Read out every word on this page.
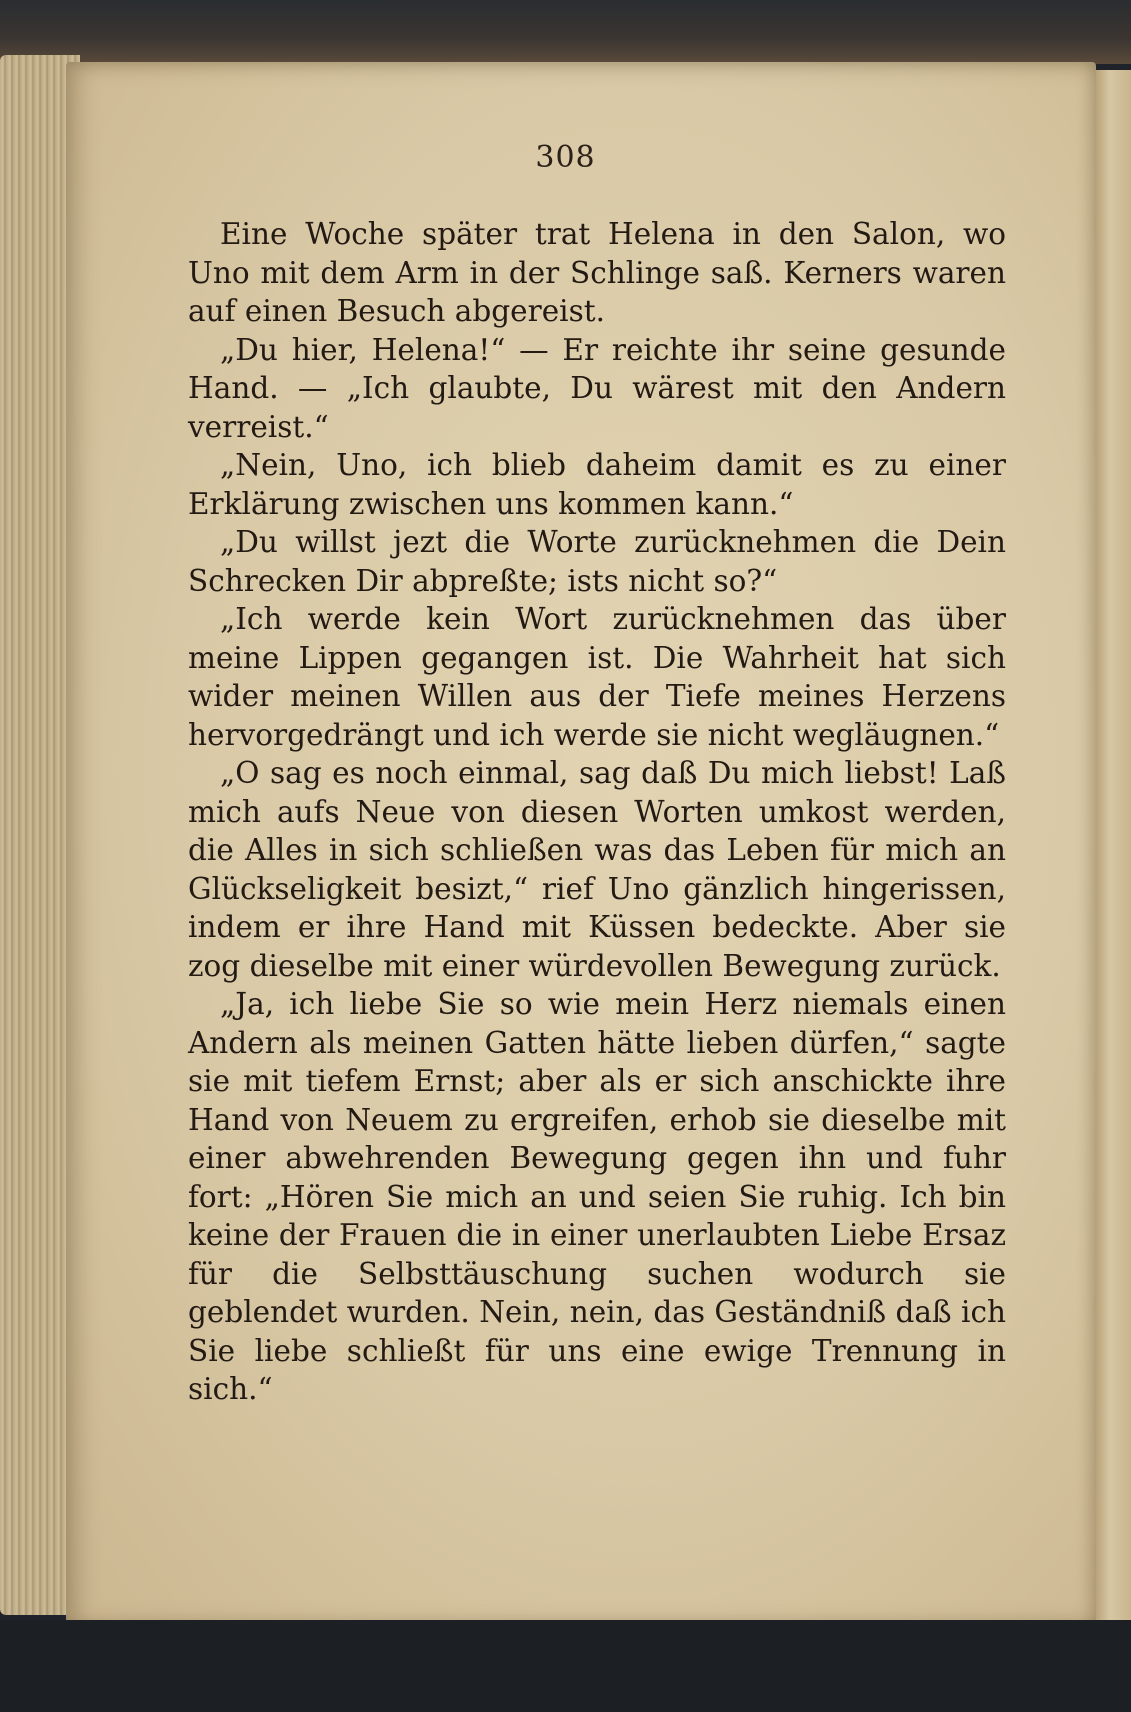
308

Eine Woche später trat Helena in den Salon, wo Uno mit dem Arm in der Schlinge saß. Kerners waren auf einen Besuch abgereist.

„Du hier, Helena!“ — Er reichte ihr seine gesunde Hand. — „Ich glaubte, Du wärest mit den Andern verreist.“

„Nein, Uno, ich blieb daheim damit es zu einer Erklärung zwischen uns kommen kann.“

„Du willst jezt die Worte zurücknehmen die Dein Schrecken Dir abpreßte; ists nicht so?“

„Ich werde kein Wort zurücknehmen das über meine Lippen gegangen ist. Die Wahrheit hat sich wider meinen Willen aus der Tiefe meines Herzens hervorgedrängt und ich werde sie nicht wegläugnen.“

„O sag es noch einmal, sag daß Du mich liebst! Laß mich aufs Neue von diesen Worten umkost werden, die Alles in sich schließen was das Leben für mich an Glückseligkeit besizt,“ rief Uno gänzlich hingerissen, indem er ihre Hand mit Küssen bedeckte. Aber sie zog dieselbe mit einer würdevollen Bewegung zurück.

„Ja, ich liebe Sie so wie mein Herz niemals einen Andern als meinen Gatten hätte lieben dürfen,“ sagte sie mit tiefem Ernst; aber als er sich anschickte ihre Hand von Neuem zu ergreifen, erhob sie dieselbe mit einer abwehrenden Bewegung gegen ihn und fuhr fort: „Hören Sie mich an und seien Sie ruhig. Ich bin keine der Frauen die in einer unerlaubten Liebe Ersaz für die Selbsttäuschung suchen wodurch sie geblendet wurden. Nein, nein, das Geständniß daß ich Sie liebe schließt für uns eine ewige Trennung in sich.“
